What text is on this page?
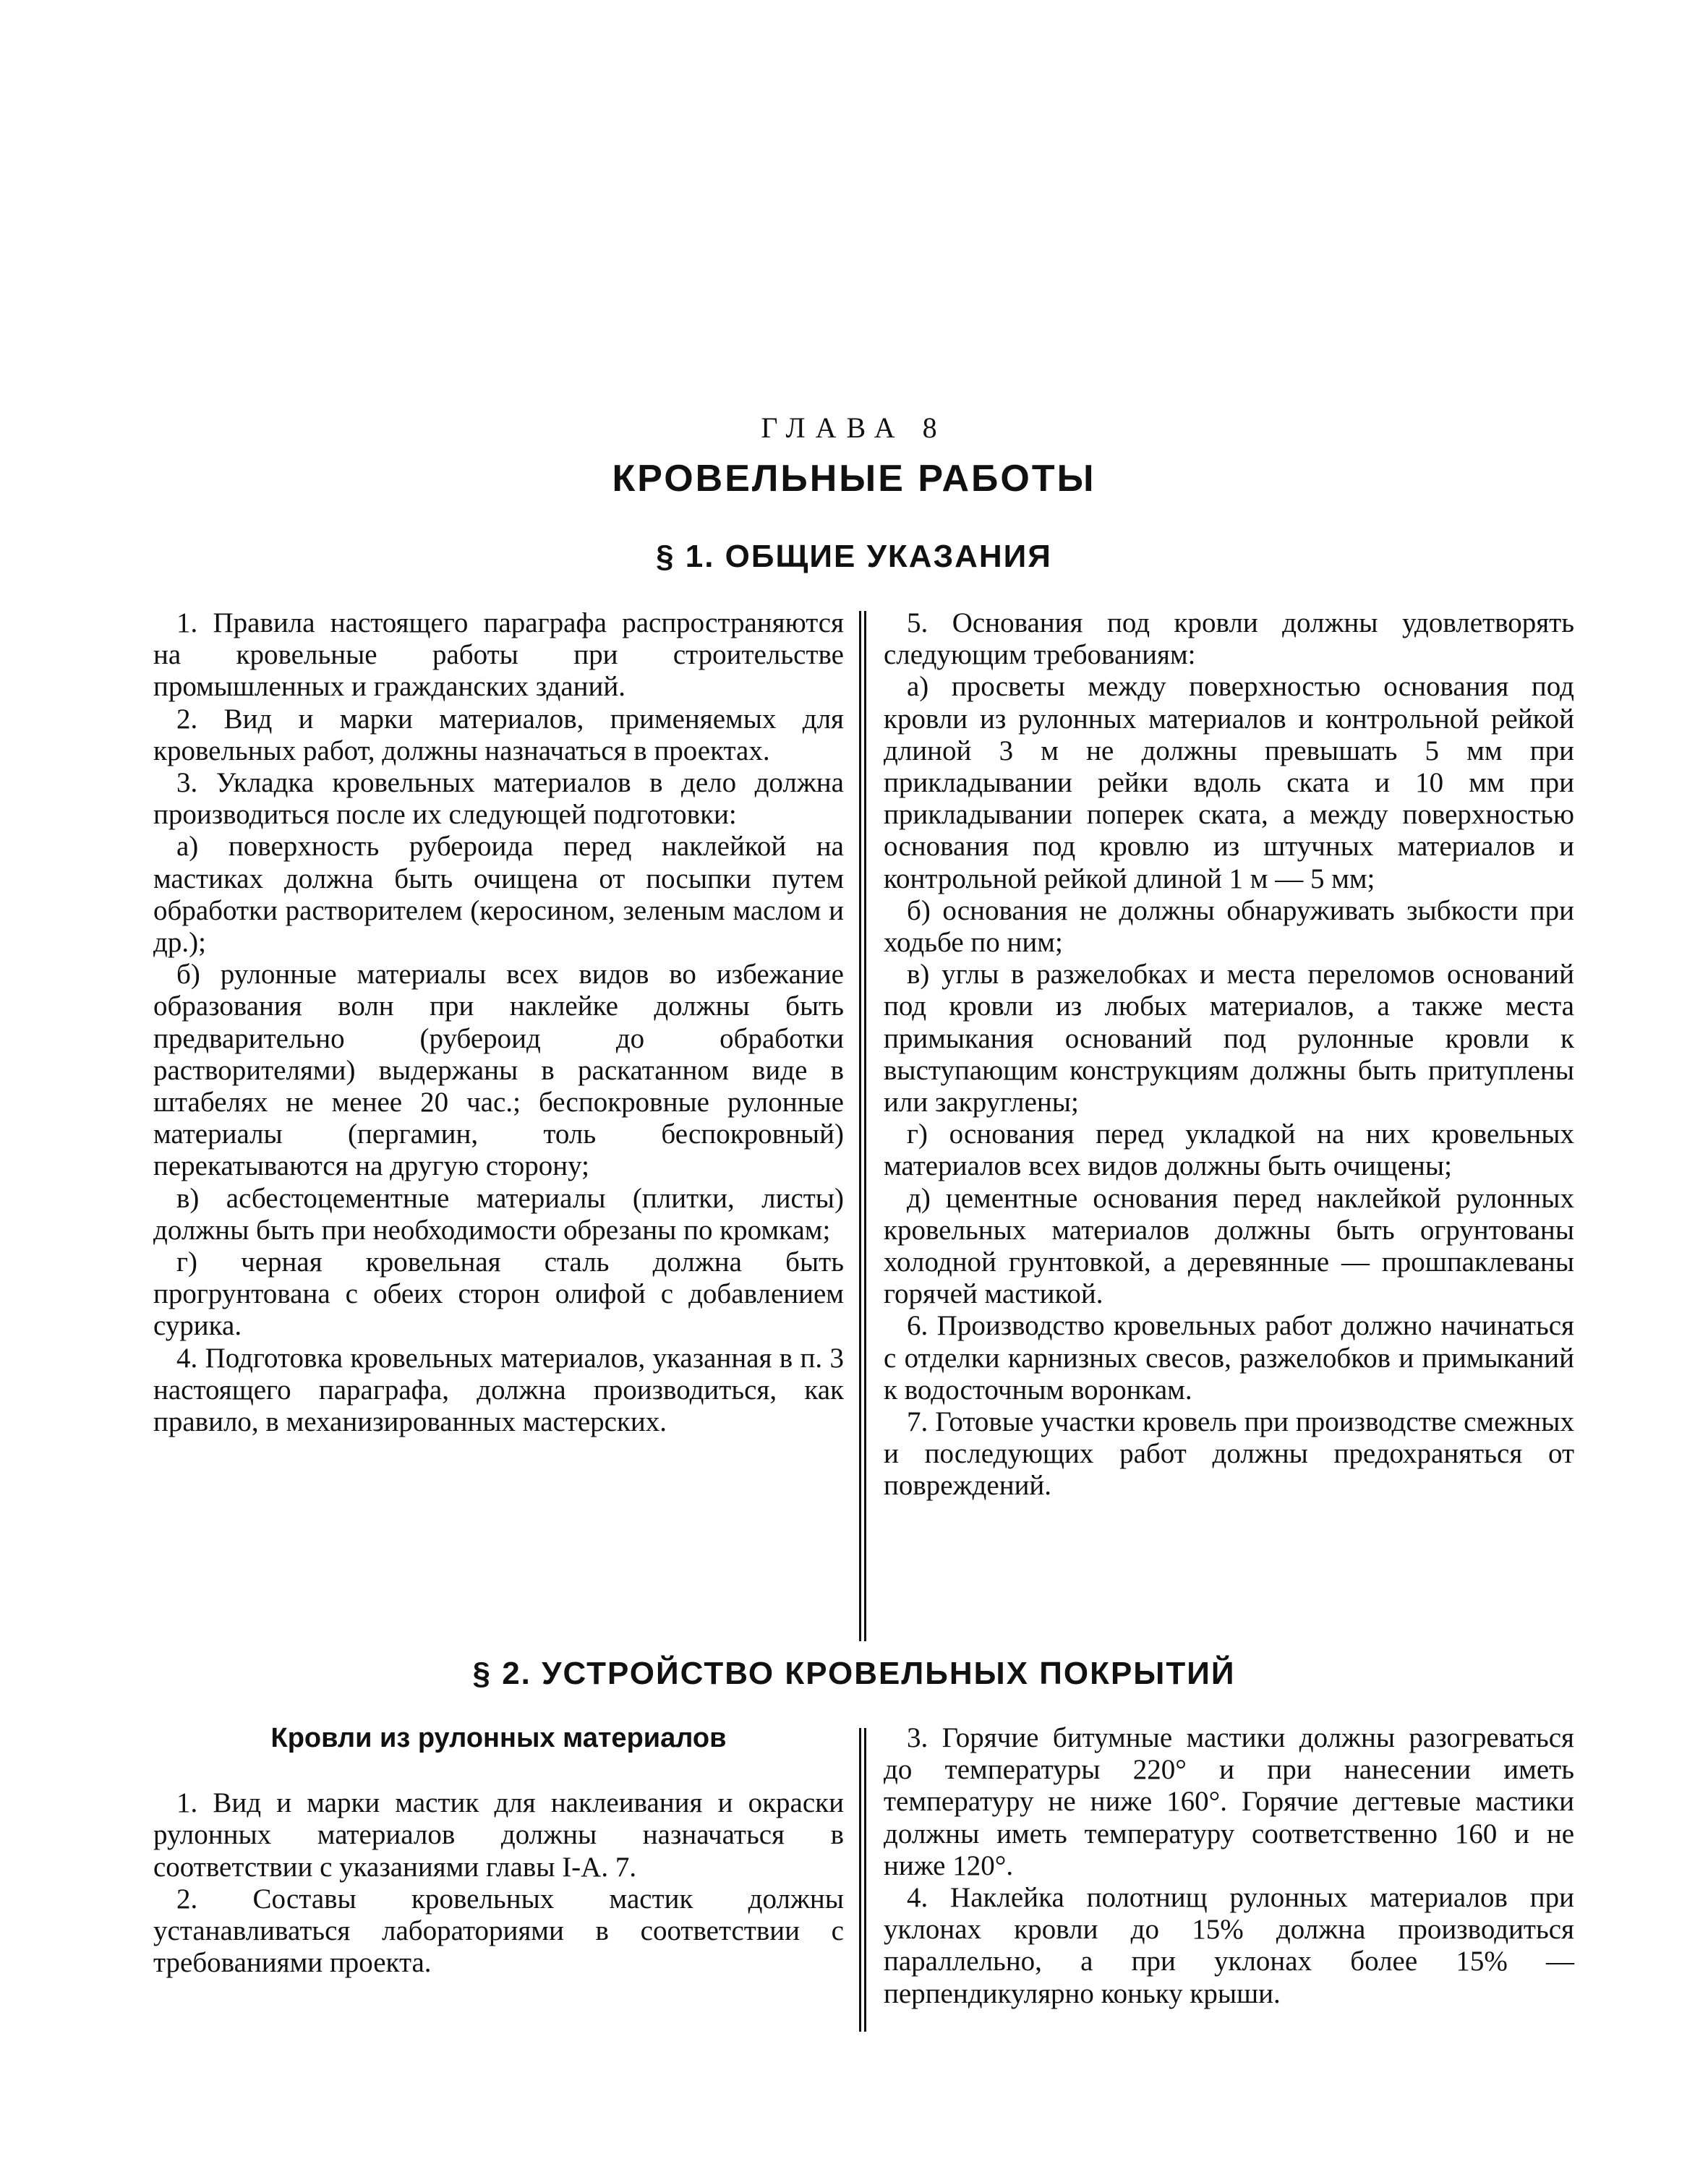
ГЛАВА 8
КРОВЕЛЬНЫЕ РАБОТЫ
§ 1. ОБЩИЕ УКАЗАНИЯ

1. Правила настоящего параграфа распространяются на кровельные работы при строительстве промышленных и гражданских зданий.

2. Вид и марки материалов, применяемых для кровельных работ, должны назначаться в проектах.

3. Укладка кровельных материалов в дело должна производиться после их следующей подготовки:

а) поверхность рубероида перед наклейкой на мастиках должна быть очищена от посыпки путем обработки растворителем (керосином, зеленым маслом и др.);

б) рулонные материалы всех видов во избежание образования волн при наклейке должны быть предварительно (рубероид до обработки растворителями) выдержаны в раскатанном виде в штабелях не менее 20 час.; беспокровные рулонные материалы (пергамин, толь беспокровный) перекатываются на другую сторону;

в) асбестоцементные материалы (плитки, листы) должны быть при необходимости обрезаны по кромкам;

г) черная кровельная сталь должна быть прогрунтована с обеих сторон олифой с добавлением сурика.

4. Подготовка кровельных материалов, указанная в п. 3 настоящего параграфа, должна производиться, как правило, в механизированных мастерских.

5. Основания под кровли должны удовлетворять следующим требованиям:

а) просветы между поверхностью основания под кровли из рулонных материалов и контрольной рейкой длиной 3 м не должны превышать 5 мм при прикладывании рейки вдоль ската и 10 мм при прикладывании поперек ската, а между поверхностью основания под кровлю из штучных материалов и контрольной рейкой длиной 1 м — 5 мм;

б) основания не должны обнаруживать зыбкости при ходьбе по ним;

в) углы в разжелобках и места переломов оснований под кровли из любых материалов, а также места примыкания оснований под рулонные кровли к выступающим конструкциям должны быть притуплены или закруглены;

г) основания перед укладкой на них кровельных материалов всех видов должны быть очищены;

д) цементные основания перед наклейкой рулонных кровельных материалов должны быть огрунтованы холодной грунтовкой, а деревянные — прошпаклеваны горячей мастикой.

6. Производство кровельных работ должно начинаться с отделки карнизных свесов, разжелобков и примыканий к водосточным воронкам.

7. Готовые участки кровель при производстве смежных и последующих работ должны предохраняться от повреждений.

§ 2. УСТРОЙСТВО КРОВЕЛЬНЫХ ПОКРЫТИЙ

Кровли из рулонных материалов

1. Вид и марки мастик для наклеивания и окраски рулонных материалов должны назначаться в соответствии с указаниями главы I-А. 7.

2. Составы кровельных мастик должны устанавливаться лабораториями в соответствии с требованиями проекта.

3. Горячие битумные мастики должны разогреваться до температуры 220° и при нанесении иметь температуру не ниже 160°. Горячие дегтевые мастики должны иметь температуру соответственно 160 и не ниже 120°.

4. Наклейка полотнищ рулонных материалов при уклонах кровли до 15% должна производиться параллельно, а при уклонах более 15% — перпендикулярно коньку крыши.
